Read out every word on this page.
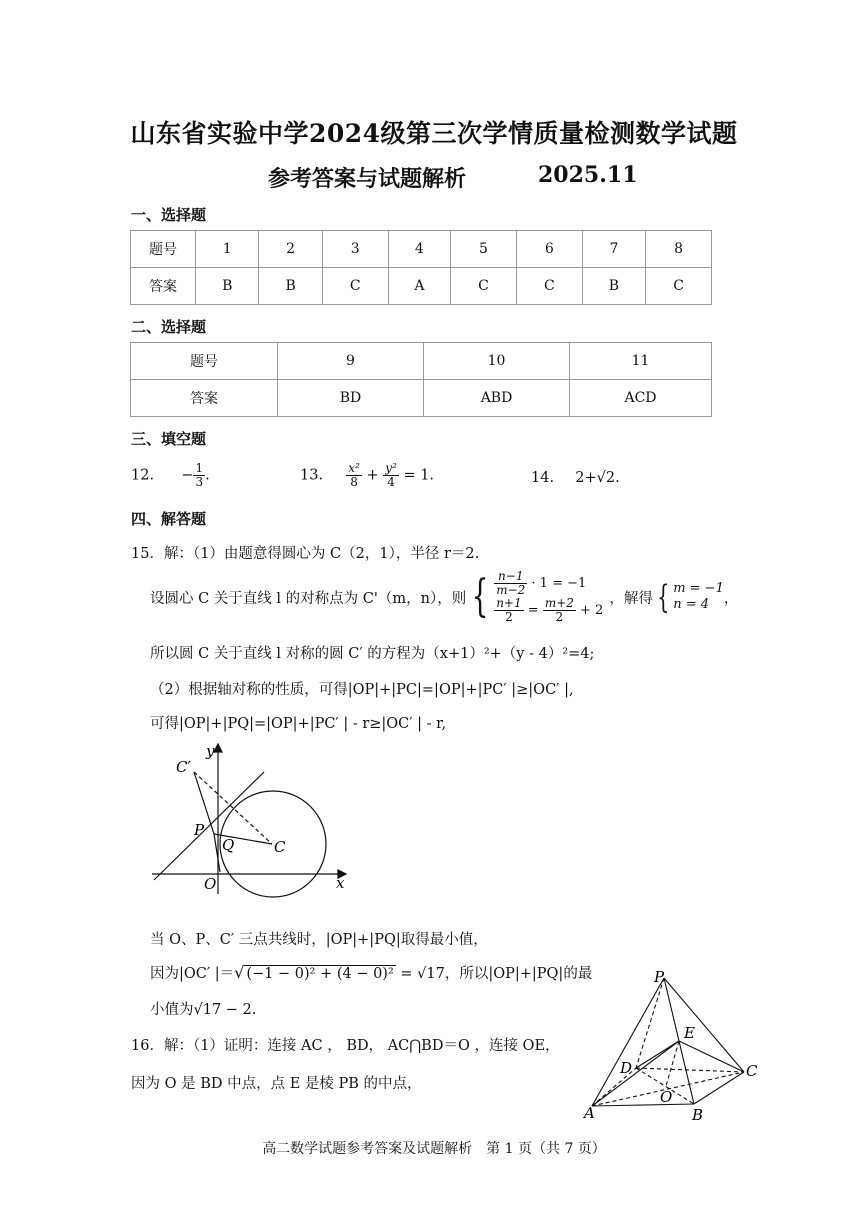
山东省实验中学2024级第三次学情质量检测数学试题
参考答案与试题解析	2025.11
一、选择题
题号	1	2	3	4	5	6	7	8
答案	B	B	C	A	C	C	B	C
二、选择题
题号	9	10	11
答案	BD	ABD	ACD
三、填空题
12. − $\frac{1}{3}$ .	13. $\frac{\text{x²}}{8} + \frac{\text{y²}}{4} = 1$.	14. 2+√2.
四、解答题
15．解：（1）由题意得圆心为 C（2，1），半径 r＝2.
设圆心 C 关于直线 l 的对称点为 C'（m，n），则 { $\frac{n-1}{m-2} \cdot 1 = -1$
$\frac{n+1}{2} = \frac{m+2}{2} + 2$
，解得 { m = −1
n = 4	，
所以圆 C 关于直线 l 对称的圆 C′ 的方程为（x+1）²+（y - 4）²=4;
（2）根据轴对称的性质，可得|OP|+|PC|=|OP|+|PC′ |≥|OC′ |,
可得|OP|+|PQ|=|OP|+|PC′ | - r≥|OC′ | - r,
C′
y
P
Q	C
O	x
当 O、P、C′ 三点共线时，|OP|+|PQ|取得最小值，
因为|OC′ |＝√ (−1 − 0)² + (4 − 0)² = √17，所以|OP|+|PQ|的最
小值为√17 − 2.
16．解：（1）证明：连接 AC ， BD， AC⋂BD＝O ，连接 OE，
因为 O 是 BD 中点，点 E 是棱 PB 的中点，
P
E
D	C
O
A	B
高二数学试题参考答案及试题解析　第 1 页（共 7 页）
